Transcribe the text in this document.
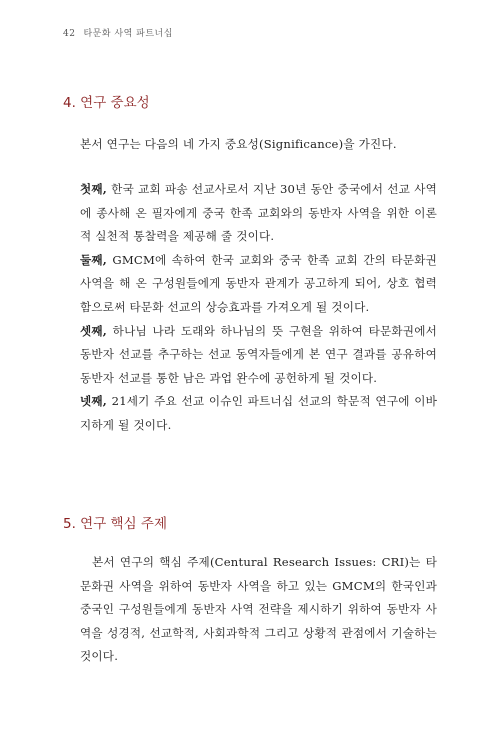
42 타문화 사역 파트너십
4. 연구 중요성

본서 연구는 다음의 네 가지 중요성(Significance)을 가진다.

첫째, 한국 교회 파송 선교사로서 지난 30년 동안 중국에서 선교 사역에 종사해 온 필자에게 중국 한족 교회와의 동반자 사역을 위한 이론적 실천적 통찰력을 제공해 줄 것이다.

둘째, GMCM에 속하여 한국 교회와 중국 한족 교회 간의 타문화권 사역을 해 온 구성원들에게 동반자 관계가 공고하게 되어, 상호 협력함으로써 타문화 선교의 상승효과를 가져오게 될 것이다.

셋째, 하나님 나라 도래와 하나님의 뜻 구현을 위하여 타문화권에서 동반자 선교를 추구하는 선교 동역자들에게 본 연구 결과를 공유하여 동반자 선교를 통한 남은 과업 완수에 공헌하게 될 것이다.

넷째, 21세기 주요 선교 이슈인 파트너십 선교의 학문적 연구에 이바지하게 될 것이다.

5. 연구 핵심 주제

본서 연구의 핵심 주제(Centural Research Issues: CRI)는 타문화권 사역을 위하여 동반자 사역을 하고 있는 GMCM의 한국인과 중국인 구성원들에게 동반자 사역 전략을 제시하기 위하여 동반자 사역을 성경적, 선교학적, 사회과학적 그리고 상황적 관점에서 기술하는 것이다.
